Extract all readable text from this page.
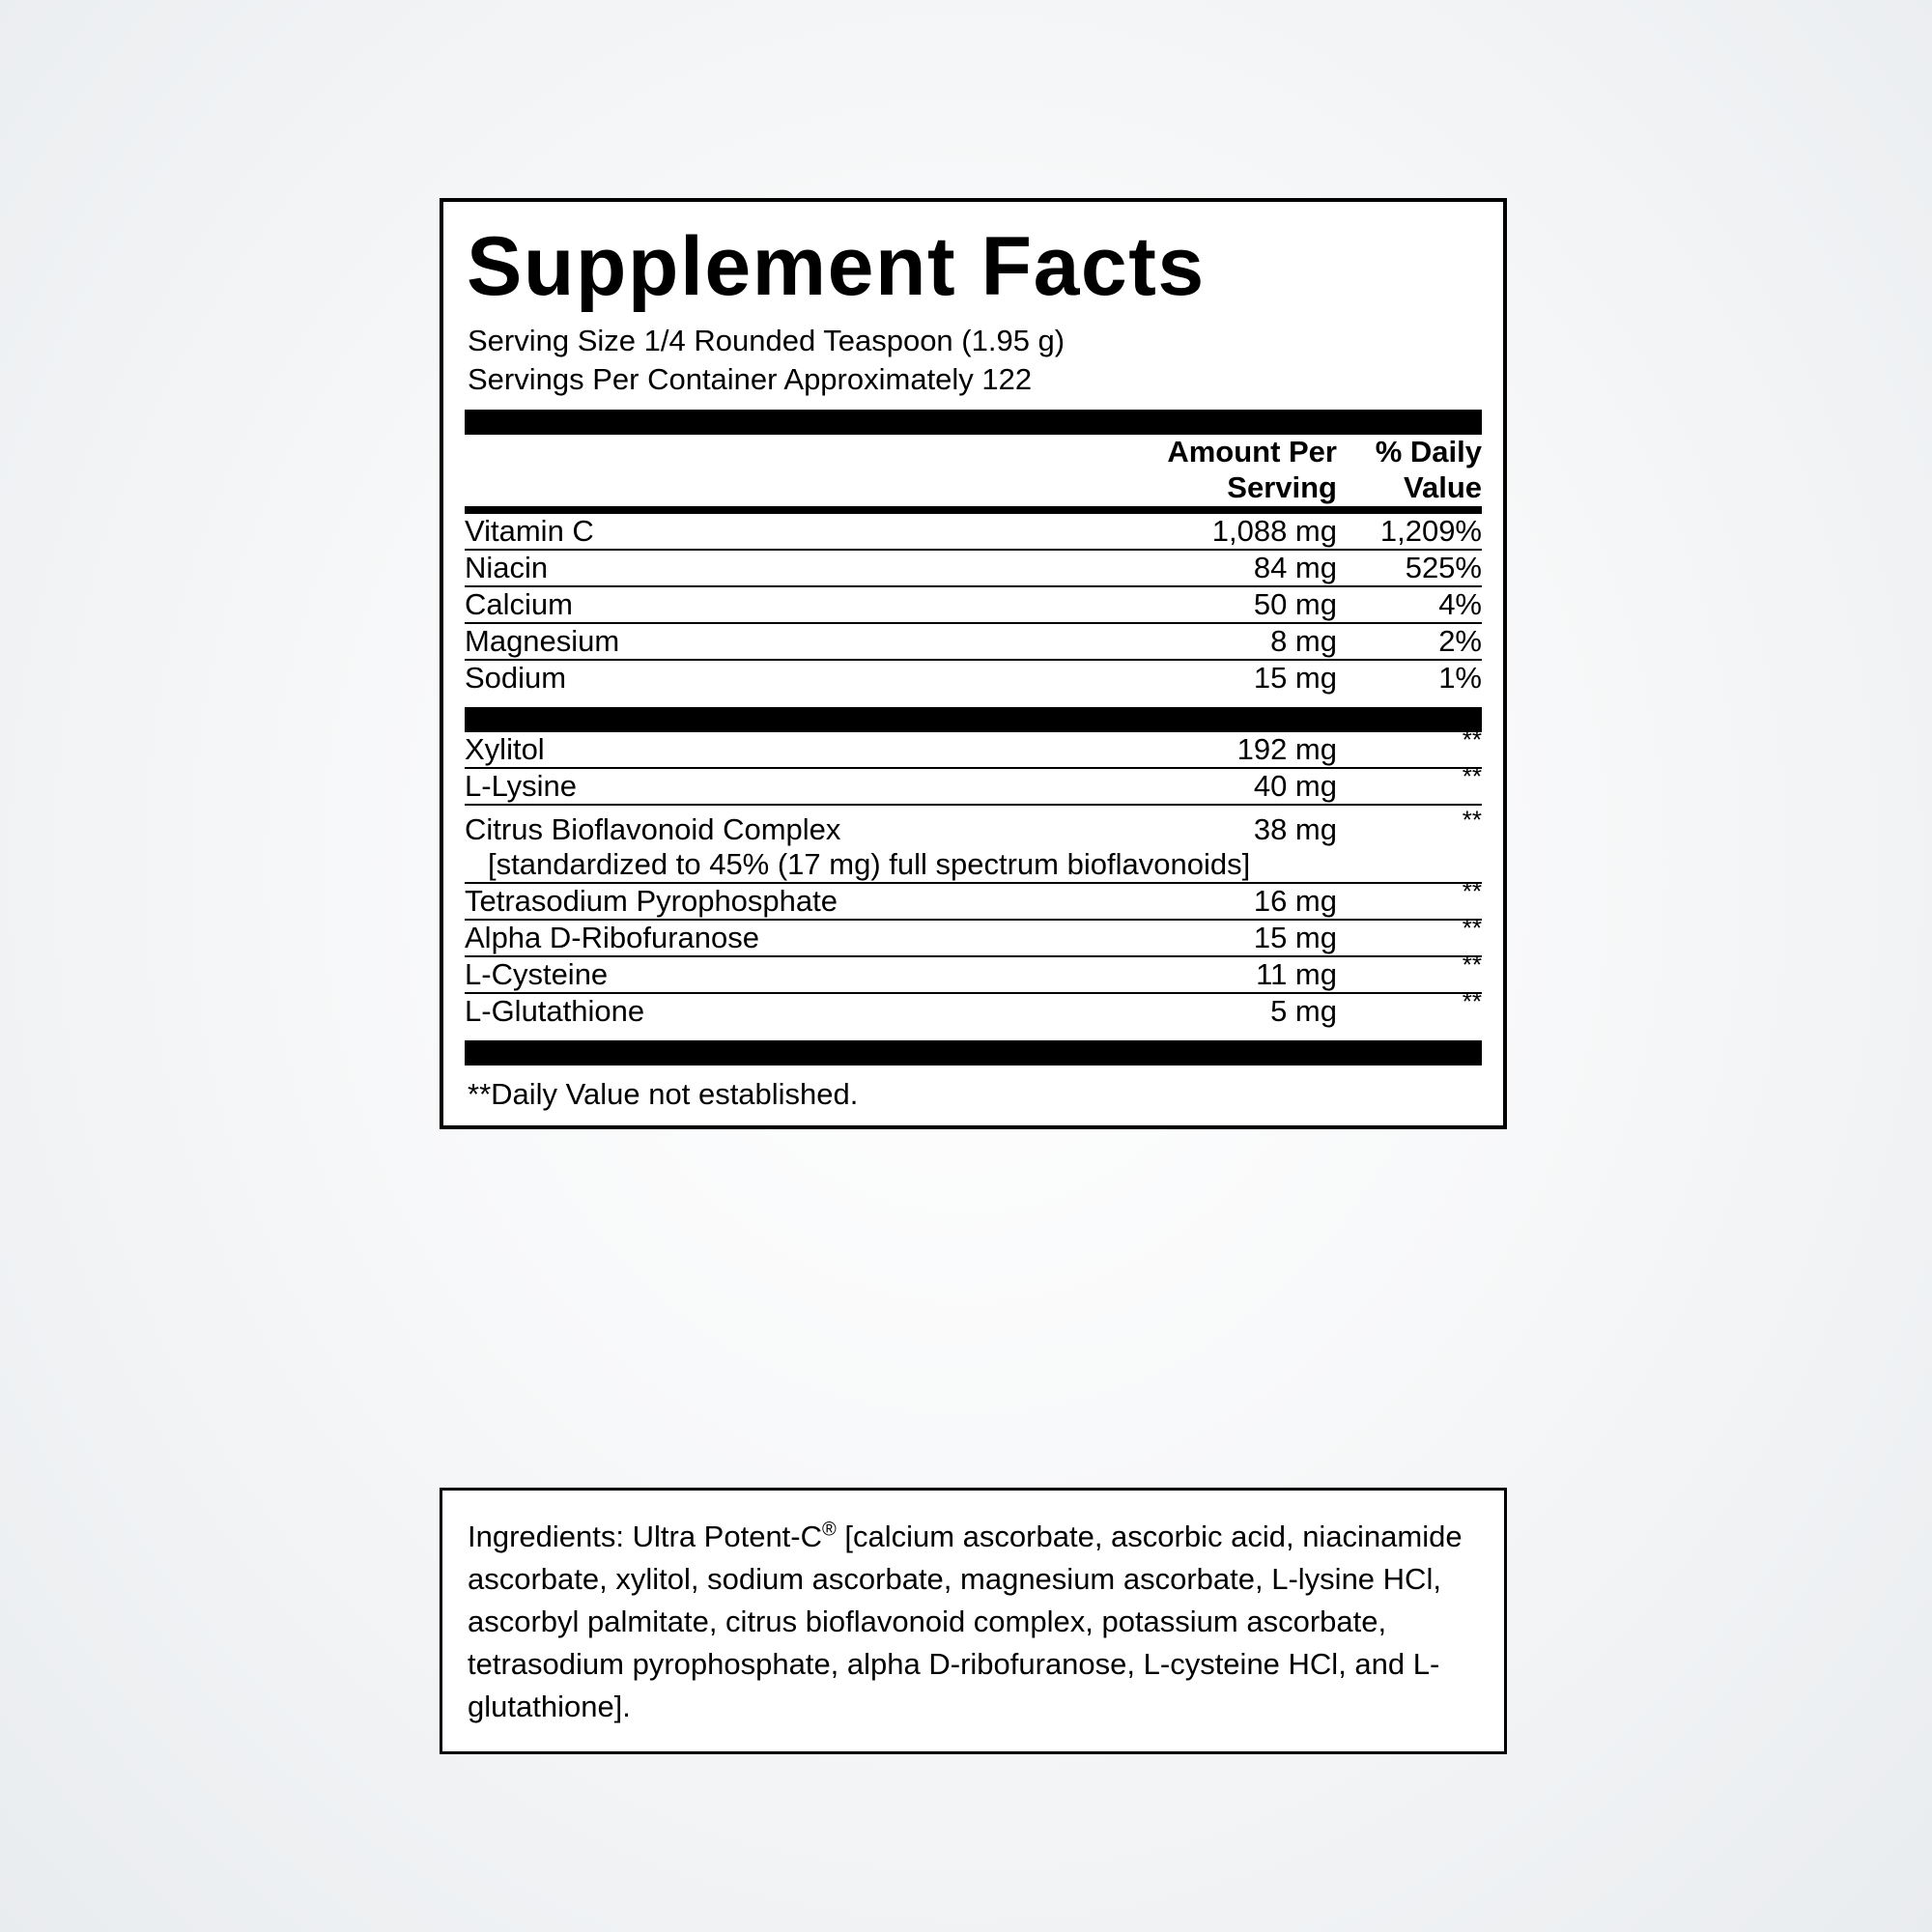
Supplement Facts
Serving Size 1/4 Rounded Teaspoon (1.95 g)
Servings Per Container Approximately 122

Amount Per
Serving

% Daily
Value
Vitamin C	1,088 mg	1,209%
Niacin	84 mg	525%
Calcium	50 mg	4%
Magnesium	8 mg	2%
Sodium	15 mg	1%
Xylitol	192 mg	**
L-Lysine	40 mg	**
Citrus Bioflavonoid Complex	38 mg	**
[standardized to 45% (17 mg) full spectrum bioflavonoids]		
Tetrasodium Pyrophosphate	16 mg	**
Alpha D-Ribofuranose	15 mg	**
L-Cysteine	11 mg	**
L-Glutathione	5 mg	**
**Daily Value not established.
Ingredients: Ultra Potent-C® [calcium ascorbate, ascorbic acid, niacinamide ascorbate, xylitol, sodium ascorbate, magnesium ascorbate, L-lysine HCl, ascorbyl palmitate, citrus bioflavonoid complex, potassium ascorbate, tetrasodium pyrophosphate, alpha D-ribofuranose, L-cysteine HCl, and L-glutathione].
